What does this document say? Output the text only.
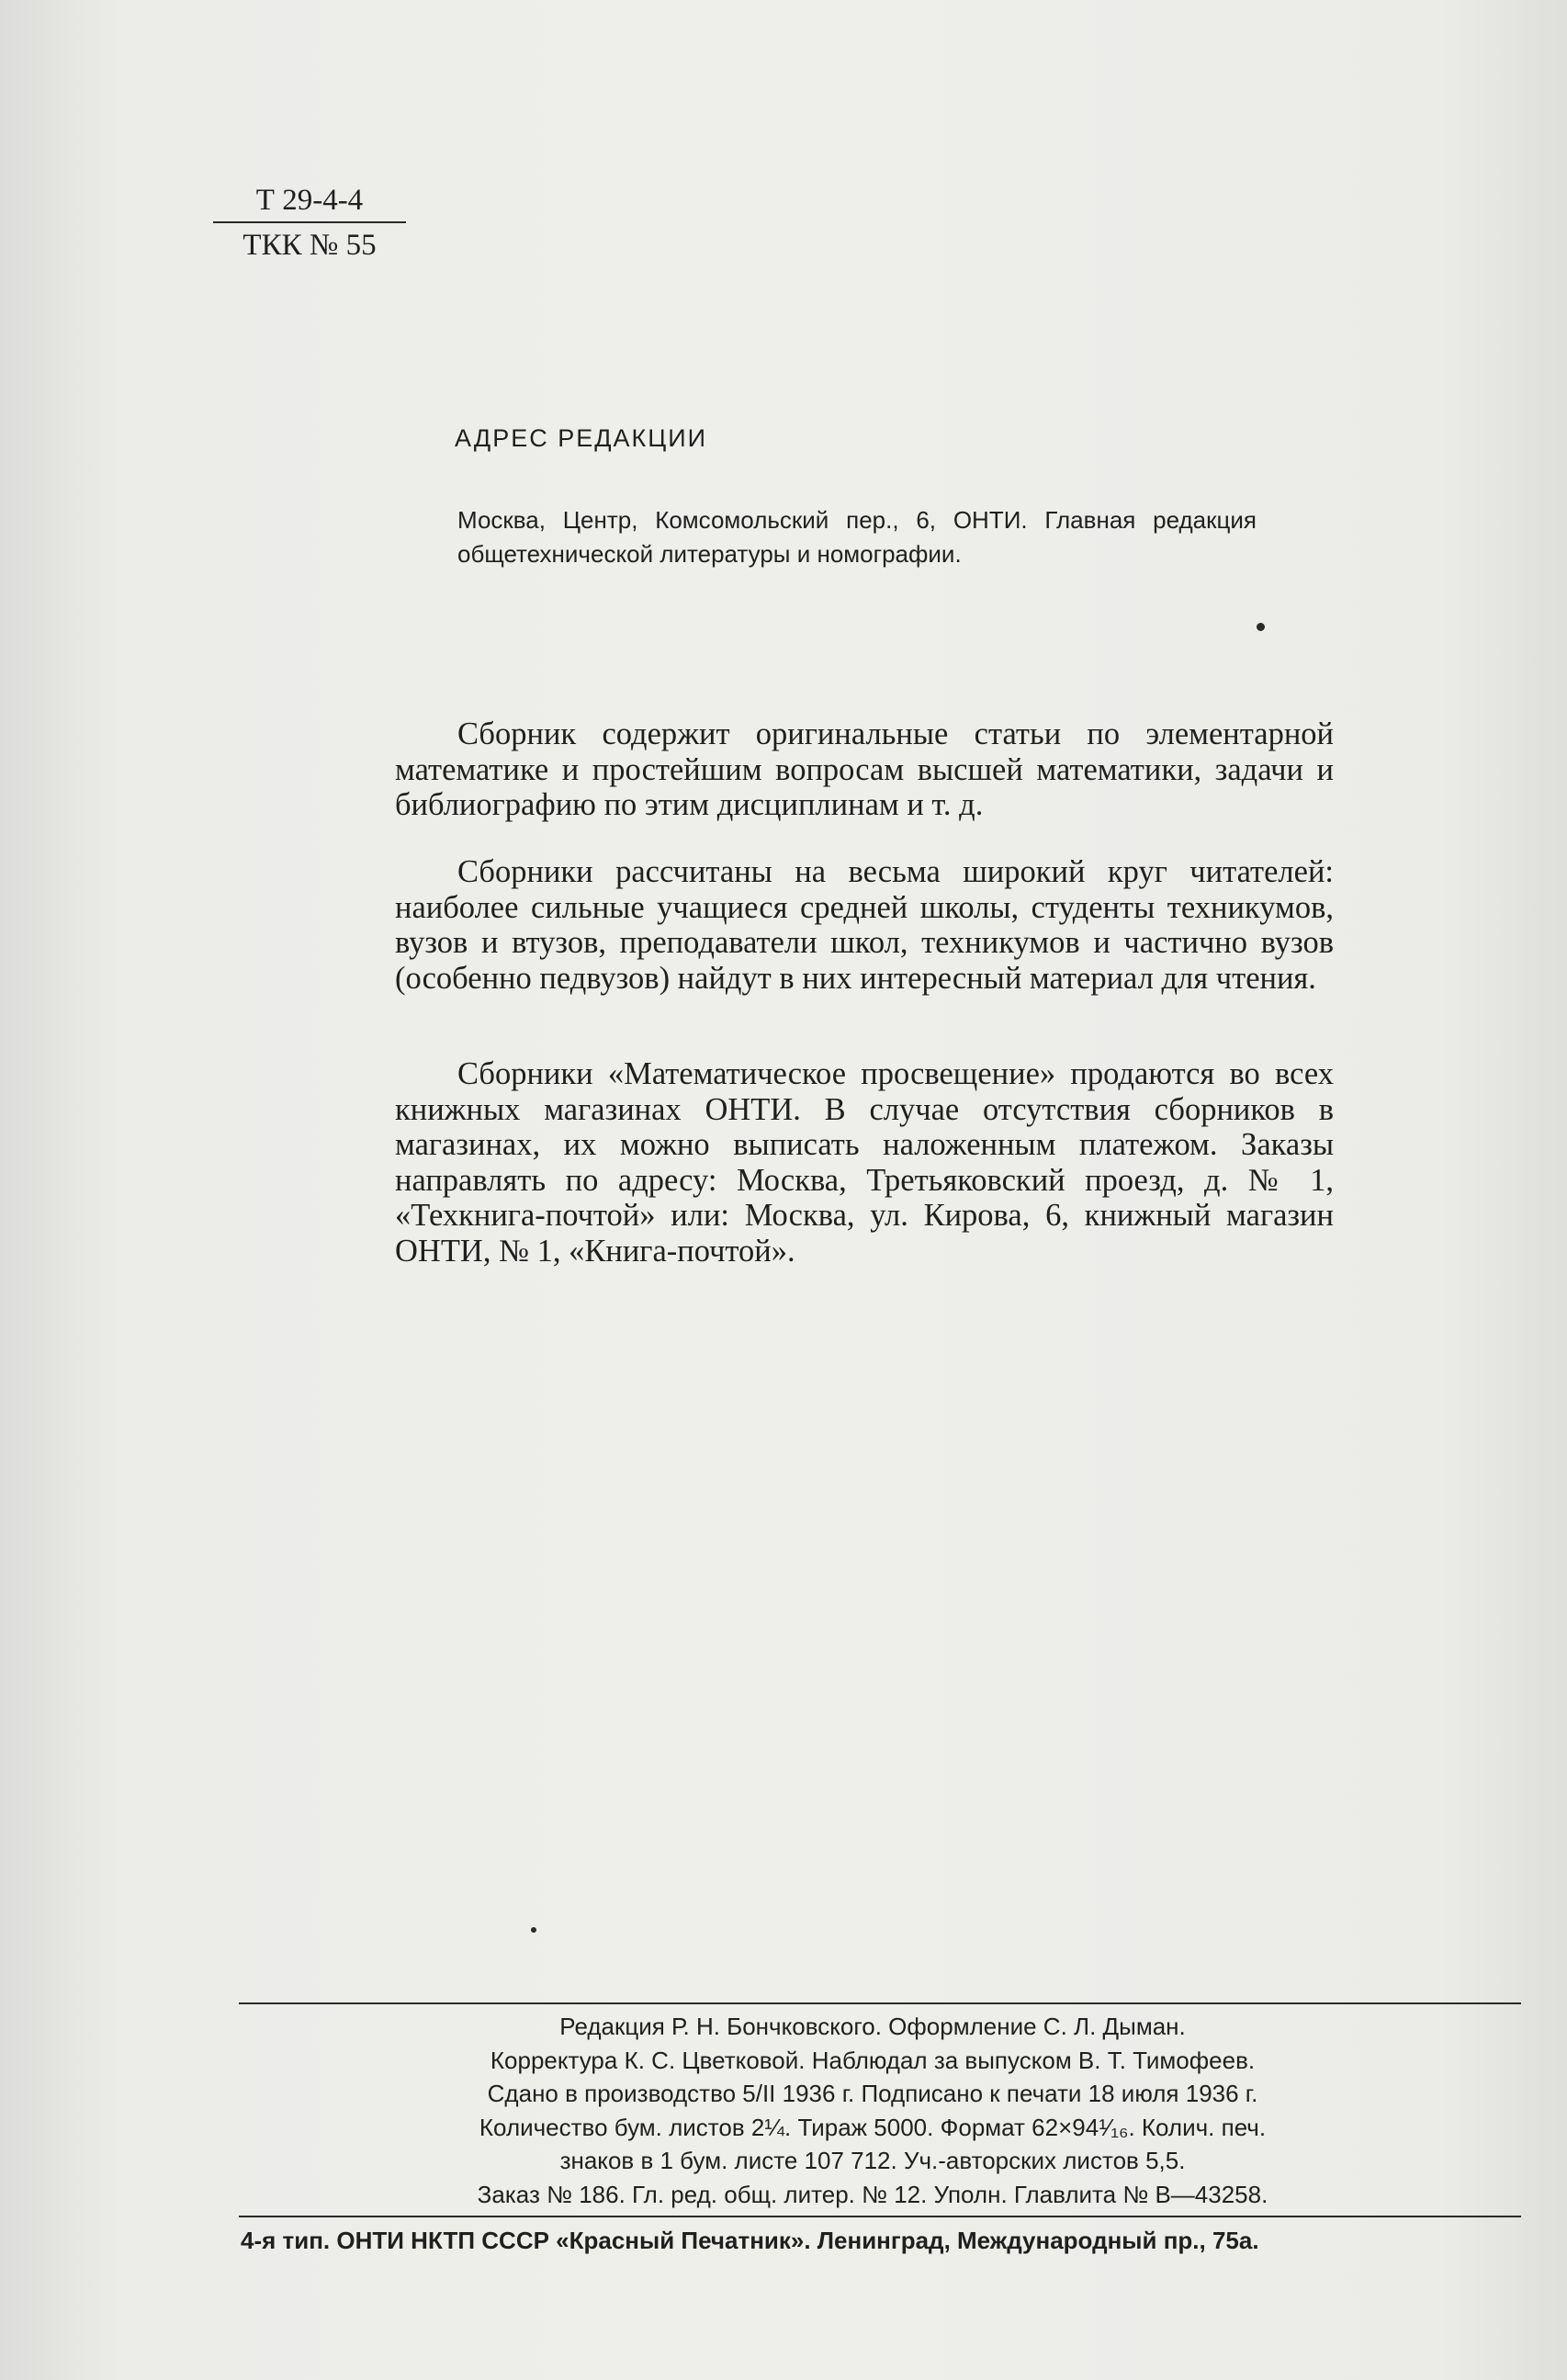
Т 29-4-4
ТКК № 55
АДРЕС РЕДАКЦИИ
Москва, Центр, Комсомольский пер., 6, ОНТИ. Главная редакция общетехнической литературы и номографии.

Сборник содержит оригинальные статьи по элементарной математике и простейшим вопросам высшей математики, задачи и библиографию по этим дисциплинам и т. д.

Сборники рассчитаны на весьма широкий круг читателей: наиболее сильные учащиеся средней школы, студенты техникумов, вузов и втузов, преподаватели школ, техникумов и частично вузов (особенно педвузов) найдут в них интересный материал для чтения.

Сборники «Математическое просвещение» продаются во всех книжных магазинах ОНТИ. В случае отсутствия сборников в магазинах, их можно выписать наложенным платежом. Заказы направлять по адресу: Москва, Третьяковский проезд, д. № 1, «Техкнига-почтой» или: Москва, ул. Кирова, 6, книжный магазин ОНТИ, № 1, «Книга-почтой».

Редакция Р. Н. Бончковского. Оформление С. Л. Дыман.
Корректура К. С. Цветковой. Наблюдал за выпуском В. Т. Тимофеев.
Сдано в производство 5/II 1936 г. Подписано к печати 18 июля 1936 г.
Количество бум. листов 2¼. Тираж 5000. Формат 62×94¹⁄₁₆. Колич. печ.
знаков в 1 бум. листе 107 712. Уч.-авторских листов 5,5.
Заказ № 186. Гл. ред. общ. литер. № 12. Уполн. Главлита № В—43258.
4-я тип. ОНТИ НКТП СССР «Красный Печатник». Ленинград, Международный пр., 75а.
